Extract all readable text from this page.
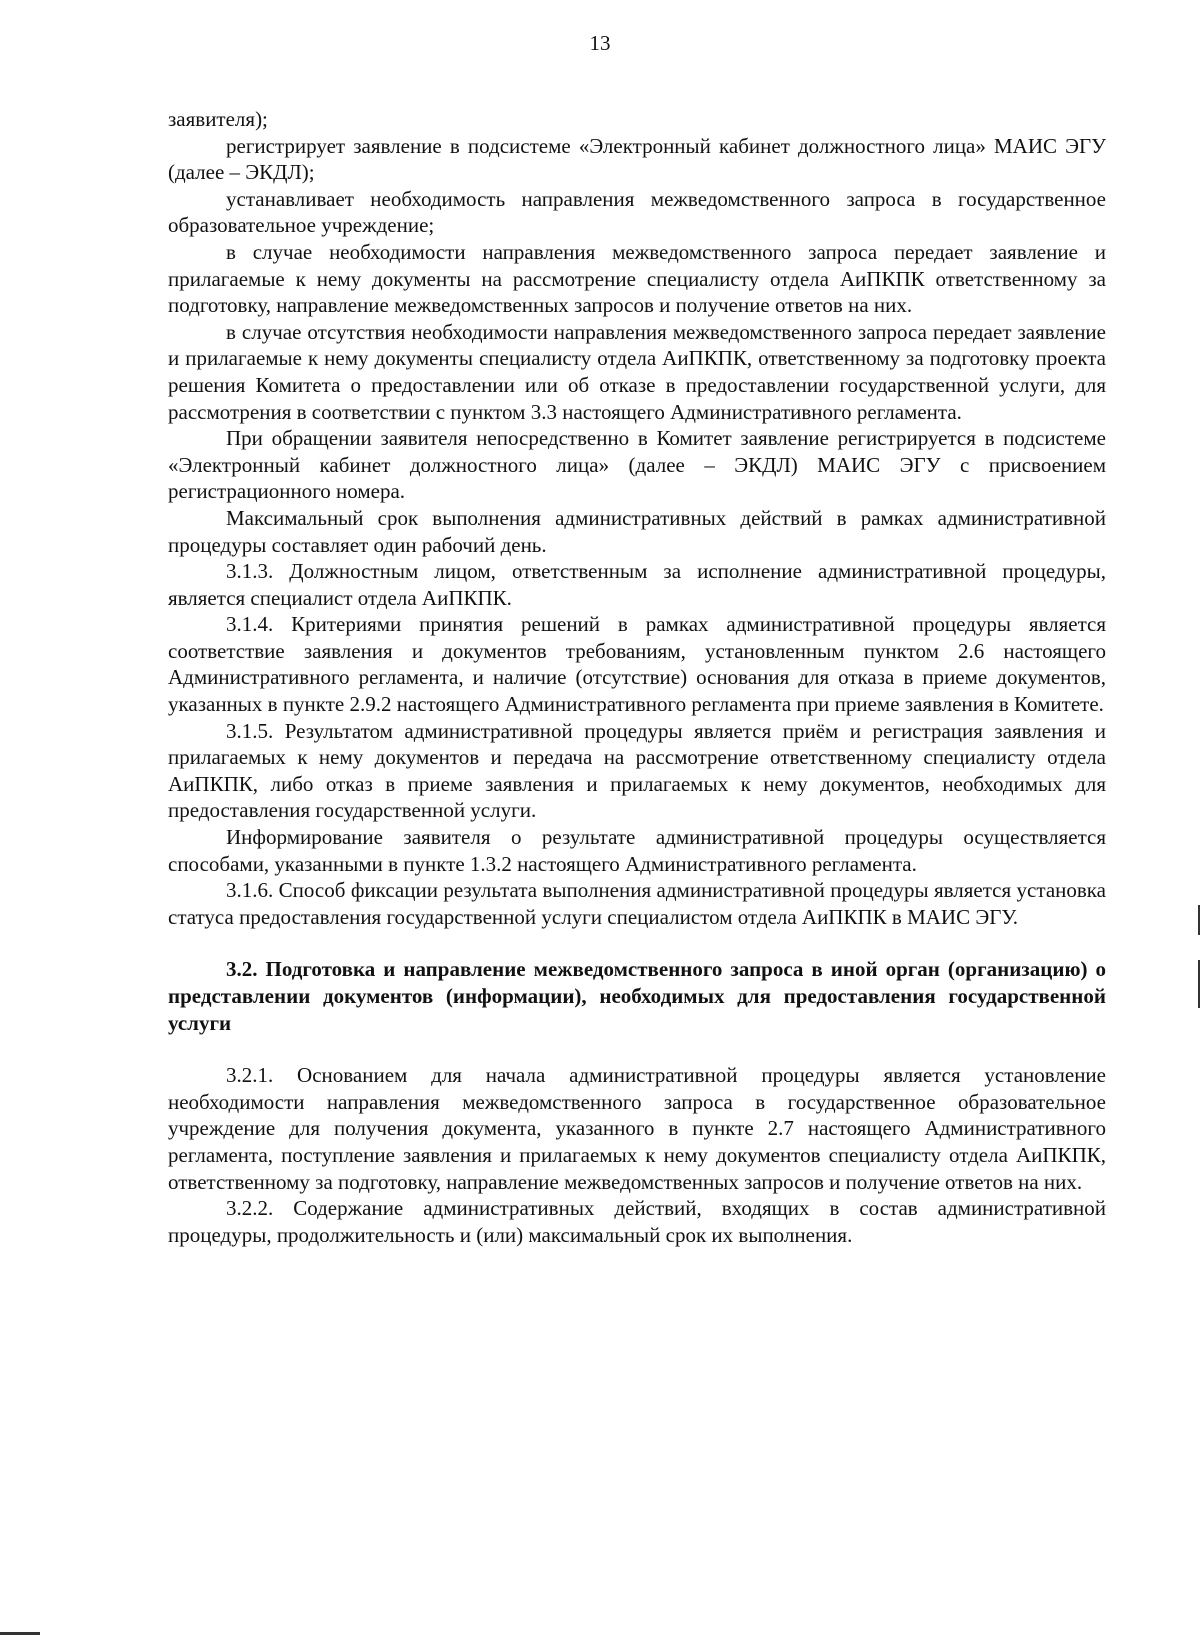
13

заявителя);

регистрирует заявление в подсистеме «Электронный кабинет должностного лица» МАИС ЭГУ (далее – ЭКДЛ);

устанавливает необходимость направления межведомственного запроса в государственное образовательное учреждение;

в случае необходимости направления межведомственного запроса передает заявление и прилагаемые к нему документы на рассмотрение специалисту отдела АиПКПК ответственному за подготовку, направление межведомственных запросов и получение ответов на них.

в случае отсутствия необходимости направления межведомственного запроса передает заявление и прилагаемые к нему документы специалисту отдела АиПКПК, ответственному за подготовку проекта решения Комитета о предоставлении или об отказе в предоставлении государственной услуги, для рассмотрения в соответствии с пунктом 3.3 настоящего Административного регламента.

При обращении заявителя непосредственно в Комитет заявление регистрируется в подсистеме «Электронный кабинет должностного лица» (далее – ЭКДЛ) МАИС ЭГУ с присвоением регистрационного номера.

Максимальный срок выполнения административных действий в рамках административной процедуры составляет один рабочий день.

3.1.3. Должностным лицом, ответственным за исполнение административной процедуры, является специалист отдела АиПКПК.

3.1.4. Критериями принятия решений в рамках административной процедуры является соответствие заявления и документов требованиям, установленным пунктом 2.6 настоящего Административного регламента, и наличие (отсутствие) основания для отказа в приеме документов, указанных в пункте 2.9.2 настоящего Административного регламента при приеме заявления в Комитете.

3.1.5. Результатом административной процедуры является приём и регистрация заявления и прилагаемых к нему документов и передача на рассмотрение ответственному специалисту отдела АиПКПК, либо отказ в приеме заявления и прилагаемых к нему документов, необходимых для предоставления государственной услуги.

Информирование заявителя о результате административной процедуры осуществляется способами, указанными в пункте 1.3.2 настоящего Административного регламента.

3.1.6. Способ фиксации результата выполнения административной процедуры является установка статуса предоставления государственной услуги специалистом отдела АиПКПК в МАИС ЭГУ.

3.2. Подготовка и направление межведомственного запроса в иной орган (организацию) о представлении документов (информации), необходимых для предоставления государственной услуги

3.2.1. Основанием для начала административной процедуры является установление необходимости направления межведомственного запроса в государственное образовательное учреждение для получения документа, указанного в пункте 2.7 настоящего Административного регламента, поступление заявления и прилагаемых к нему документов специалисту отдела АиПКПК, ответственному за подготовку, направление межведомственных запросов и получение ответов на них.

3.2.2. Содержание административных действий, входящих в состав административной процедуры, продолжительность и (или) максимальный срок их выполнения.
